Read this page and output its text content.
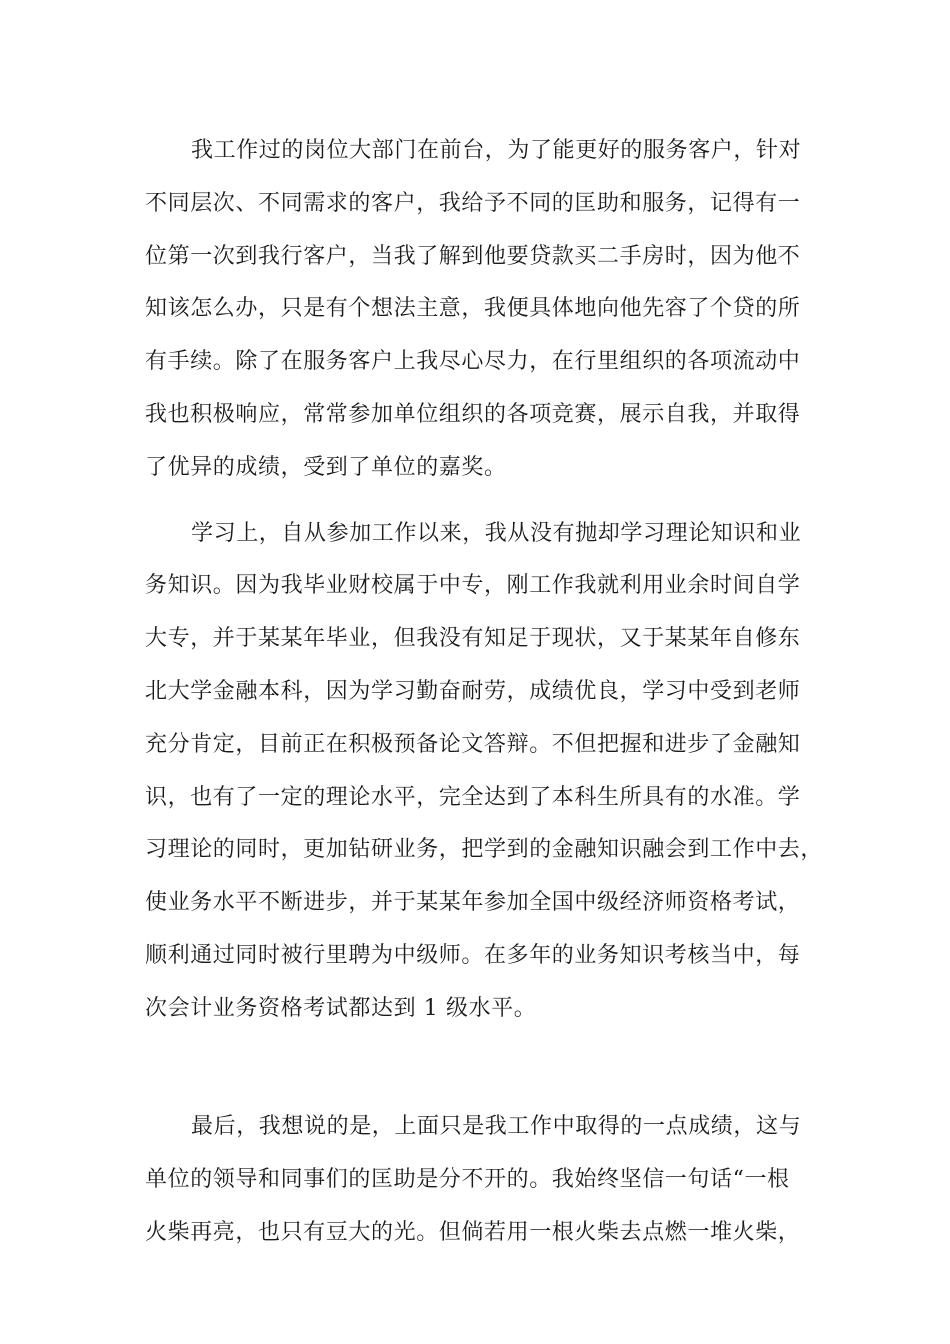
我工作过的岗位大部门在前台，为了能更好的服务客户，针对
不同层次、不同需求的客户，我给予不同的匡助和服务，记得有一
位第一次到我行客户，当我了解到他要贷款买二手房时，因为他不
知该怎么办，只是有个想法主意，我便具体地向他先容了个贷的所
有手续。除了在服务客户上我尽心尽力，在行里组织的各项流动中
我也积极响应，常常参加单位组织的各项竞赛，展示自我，并取得
了优异的成绩，受到了单位的嘉奖。
学习上，自从参加工作以来，我从没有抛却学习理论知识和业
务知识。因为我毕业财校属于中专，刚工作我就利用业余时间自学
大专，并于某某年毕业，但我没有知足于现状，又于某某年自修东
北大学金融本科，因为学习勤奋耐劳，成绩优良，学习中受到老师
充分肯定，目前正在积极预备论文答辩。不但把握和进步了金融知
识，也有了一定的理论水平，完全达到了本科生所具有的水准。学
习理论的同时，更加钻研业务，把学到的金融知识融会到工作中去，
使业务水平不断进步，并于某某年参加全国中级经济师资格考试，
顺利通过同时被行里聘为中级师。在多年的业务知识考核当中，每
次会计业务资格考试都达到 1 级水平。
最后，我想说的是，上面只是我工作中取得的一点成绩，这与
单位的领导和同事们的匡助是分不开的。我始终坚信一句话“一根
火柴再亮，也只有豆大的光。但倘若用一根火柴去点燃一堆火柴，
